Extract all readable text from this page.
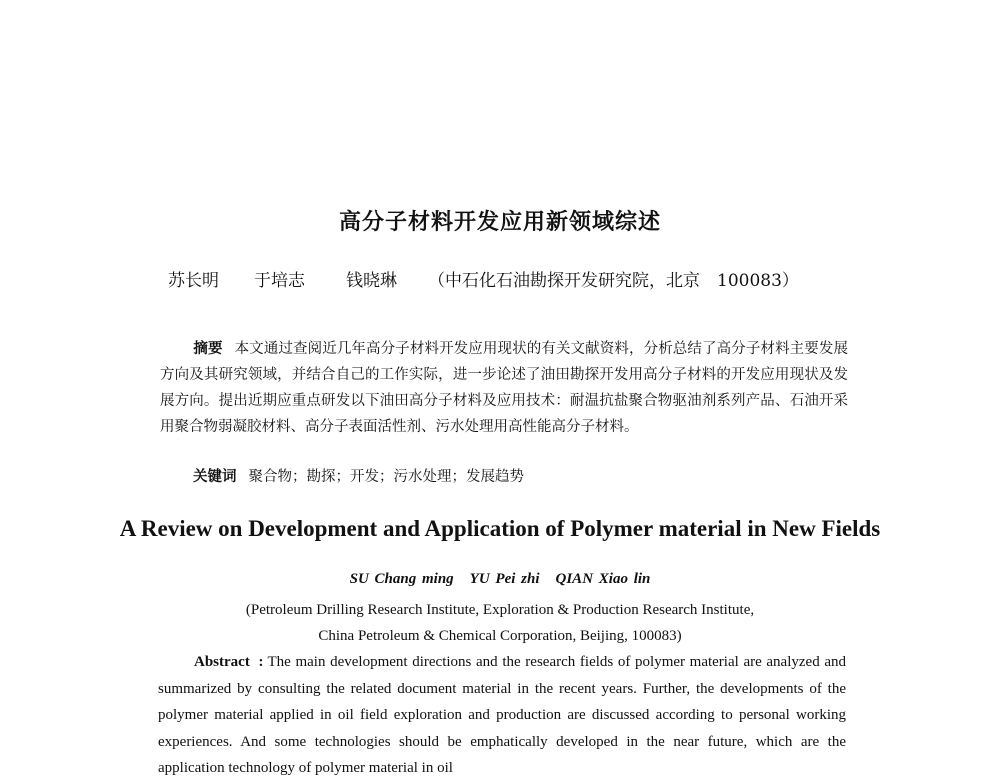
高分子材料开发应用新领域综述
苏长明 于培志 钱晓琳 （中石化石油勘探开发研究院，北京　100083）

摘要 本文通过查阅近几年高分子材料开发应用现状的有关文献资料，分析总结了高分子材料主要发展方向及其研究领域，并结合自己的工作实际，进一步论述了油田勘探开发用高分子材料的开发应用现状及发展方向。提出近期应重点研发以下油田高分子材料及应用技术：耐温抗盐聚合物驱油剂系列产品、石油开采用聚合物弱凝胶材料、高分子表面活性剂、污水处理用高性能高分子材料。

关键词 聚合物；勘探；开发；污水处理；发展趋势
A Review on Development and Application of Polymer material in New Fields
SU Chang ming YU Pei zhi QIAN Xiao lin
(Petroleum Drilling Research Institute, Exploration & Production Research Institute,
China Petroleum & Chemical Corporation, Beijing, 100083)

Abstract : The main development directions and the research fields of polymer material are analyzed and summarized by consulting the related document material in the recent years. Further, the developments of the polymer material applied in oil field exploration and production are discussed according to personal working experiences. And some technologies should be emphatically developed in the near future, which are the application technology of polymer material in oil
